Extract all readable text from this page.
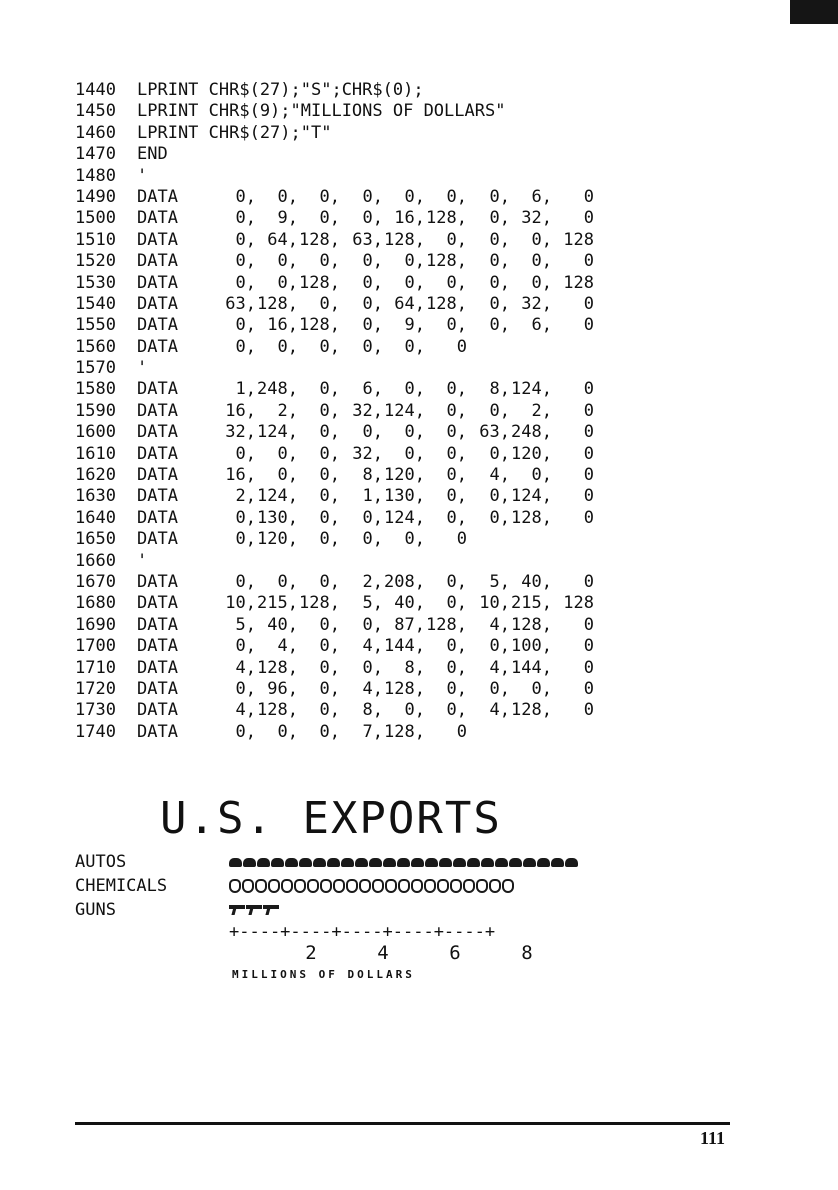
1440	LPRINT CHR$(27);"S";CHR$(0);
1450	LPRINT CHR$(9);"MILLIONS OF DOLLARS"
1460	LPRINT CHR$(27);"T"
1470	END
1480	'
1490	DATA	0,	0,	0,	0,	0,	0,	0,	6,	0
1500	DATA	0,	9,	0,	0, 16, 128,	0, 32,	0
1510	DATA	0, 64, 128, 63, 128,	0,	0,	0, 128
1520	DATA	0,	0,	0,	0,	0, 128,	0,	0,	0
1530	DATA	0,	0, 128,	0,	0,	0,	0,	0, 128
1540	DATA	63, 128,	0,	0, 64, 128,	0, 32,	0
1550	DATA	0, 16, 128,	0,	9,	0,	0,	6,	0
1560	DATA	0,	0,	0,	0,	0,	0
1570	'
1580	DATA	1, 248,	0,	6,	0,	0,	8, 124,	0
1590	DATA	16,	2,	0, 32, 124,	0,	0,	2,	0
1600	DATA	32, 124,	0,	0,	0,	0, 63, 248,	0
1610	DATA	0,	0,	0, 32,	0,	0,	0, 120,	0
1620	DATA	16,	0,	0,	8, 120,	0,	4,	0,	0
1630	DATA	2, 124,	0,	1, 130,	0,	0, 124,	0
1640	DATA	0, 130,	0,	0, 124,	0,	0, 128,	0
1650	DATA	0, 120,	0,	0,	0,	0
1660	'
1670	DATA	0,	0,	0,	2, 208,	0,	5, 40,	0
1680	DATA	10, 215, 128,	5, 40,	0, 10, 215, 128
1690	DATA	5, 40,	0,	0, 87, 128,	4, 128,	0
1700	DATA	0,	4,	0,	4, 144,	0,	0, 100,	0
1710	DATA	4, 128,	0,	0,	8,	0,	4, 144,	0
1720	DATA	0, 96,	0,	4, 128,	0,	0,	0,	0
1730	DATA	4, 128,	0,	8,	0,	0,	4, 128,	0
1740	DATA	0,	0,	0,	7, 128,	0
U.S. EXPORTS
AUTOS
CHEMICALS
GUNS
+----+----+----+----+----+
2	4	6	8
MILLIONS OF DOLLARS
111
